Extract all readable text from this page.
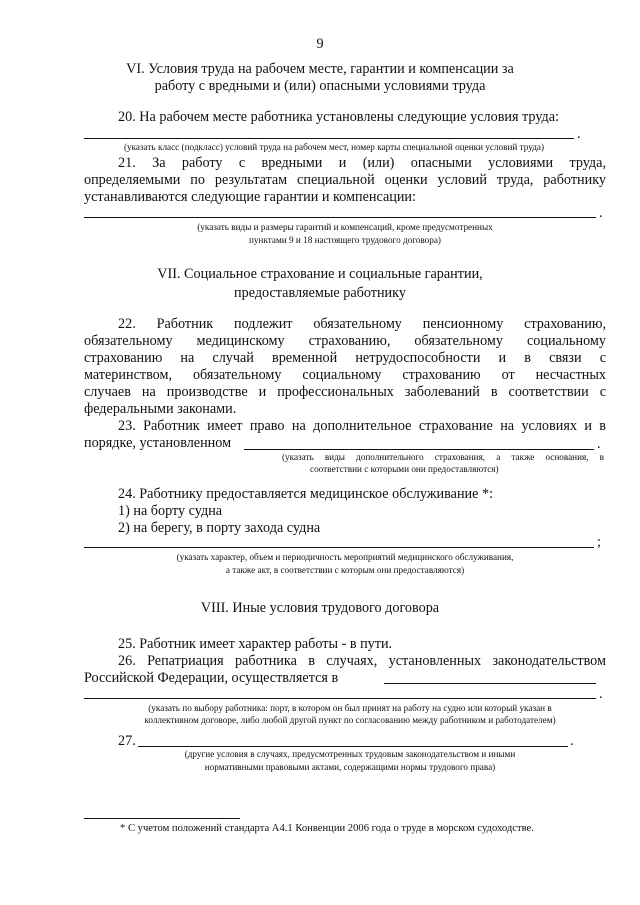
9
VI. Условия труда на рабочем месте, гарантии и компенсации за
работу с вредными и (или) опасными условиями труда
20. На рабочем месте работника установлены следующие условия труда:
.
(указать класс (подкласс) условий труда на рабочем мест, номер карты специальной оценки условий труда)
21. За работу с вредными и (или) опасными условиями труда,
определяемыми по результатам специальной оценки условий труда, работнику
устанавливаются следующие гарантии и компенсации:
.
(указать виды и размеры гарантий и компенсаций, кроме предусмотренных
пунктами 9 и 18 настоящего трудового договора)
VII. Социальное страхование и социальные гарантии,
предоставляемые работнику
22. Работник подлежит обязательному пенсионному страхованию,
обязательному медицинскому страхованию, обязательному социальному
страхованию на случай временной нетрудоспособности и в связи с
материнством, обязательному социальному страхованию от несчастных
случаев на производстве и профессиональных заболеваний в соответствии с
федеральными законами.
23. Работник имеет право на дополнительное страхование на условиях и в
порядке, установленном	.
(указать виды дополнительного страхования, а также основания, в
соответствии с которыми они предоставляются)
24. Работнику предоставляется медицинское обслуживание *:
1) на борту судна
2) на берегу, в порту захода судна
;
(указать характер, объем и периодичность мероприятий медицинского обслуживания,
а также акт, в соответствии с которым они предоставляются)
VIII. Иные условия трудового договора
25. Работник имеет характер работы - в пути.
26. Репатриация работника в случаях, установленных законодательством
Российской Федерации, осуществляется в
.
(указать по выбору работника: порт, в котором он был принят на работу на судно или который указан в
коллективном договоре, либо любой другой пункт по согласованию между работником и работодателем)
27.	.
(другие условия в случаях, предусмотренных трудовым законодательством и иными
нормативными правовыми актами, содержащими нормы трудового права)
* С учетом положений стандарта А4.1 Конвенции 2006 года о труде в морском судоходстве.
